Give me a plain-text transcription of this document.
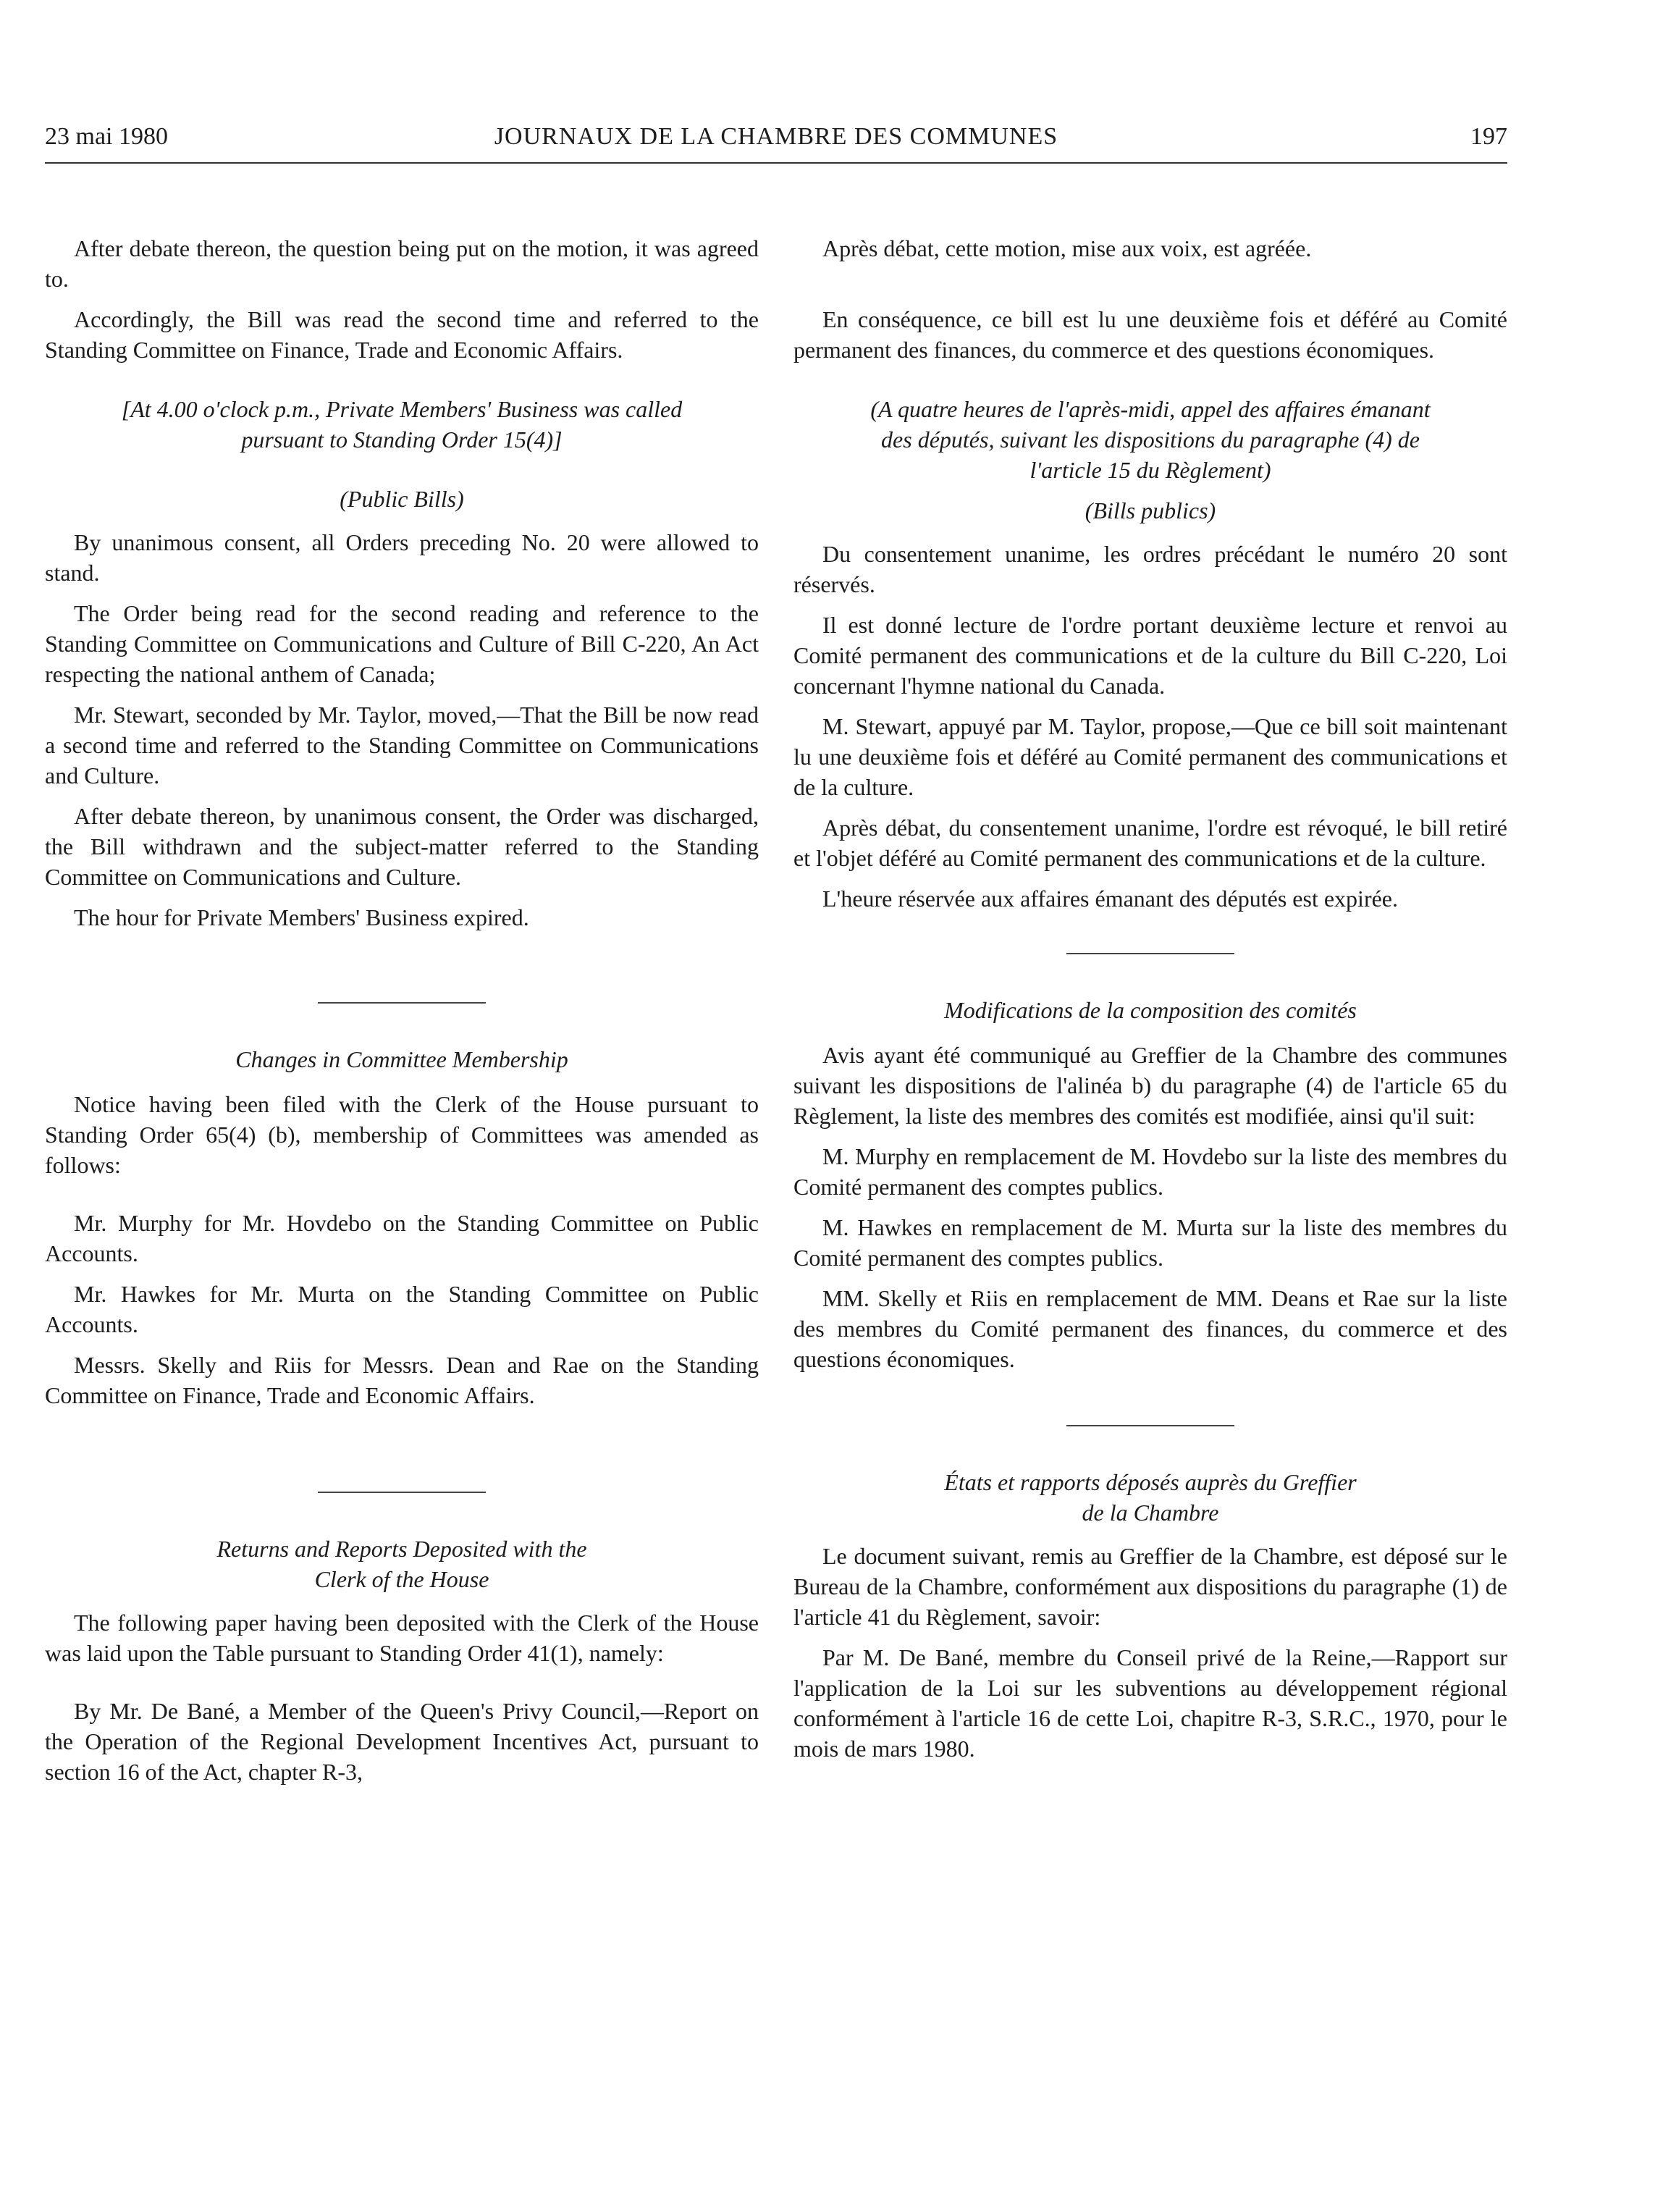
23 mai 1980	JOURNAUX DE LA CHAMBRE DES COMMUNES	197

After debate thereon, the question being put on the motion, it was agreed to.

Accordingly, the Bill was read the second time and referred to the Standing Committee on Finance, Trade and Economic Affairs.

[At 4.00 o'clock p.m., Private Members' Business was called

pursuant to Standing Order 15(4)]

(Public Bills)

By unanimous consent, all Orders preceding No. 20 were allowed to stand.

The Order being read for the second reading and reference to the Standing Committee on Communications and Culture of Bill C-220, An Act respecting the national anthem of Canada;

Mr. Stewart, seconded by Mr. Taylor, moved,—That the Bill be now read a second time and referred to the Standing Committee on Communications and Culture.

After debate thereon, by unanimous consent, the Order was discharged, the Bill withdrawn and the subject-matter referred to the Standing Committee on Communications and Culture.

The hour for Private Members' Business expired.

Changes in Committee Membership

Notice having been filed with the Clerk of the House pursuant to Standing Order 65(4) (b), membership of Committees was amended as follows:

Mr. Murphy for Mr. Hovdebo on the Standing Committee on Public Accounts.

Mr. Hawkes for Mr. Murta on the Standing Committee on Public Accounts.

Messrs. Skelly and Riis for Messrs. Dean and Rae on the Standing Committee on Finance, Trade and Economic Affairs.

Returns and Reports Deposited with the

Clerk of the House

The following paper having been deposited with the Clerk of the House was laid upon the Table pursuant to Standing Order 41(1), namely:

By Mr. De Bané, a Member of the Queen's Privy Council,—Report on the Operation of the Regional Development Incentives Act, pursuant to section 16 of the Act, chapter R-3,

Après débat, cette motion, mise aux voix, est agréée.

En conséquence, ce bill est lu une deuxième fois et déféré au Comité permanent des finances, du commerce et des questions économiques.

(A quatre heures de l'après-midi, appel des affaires émanant

des députés, suivant les dispositions du paragraphe (4) de

l'article 15 du Règlement)

(Bills publics)

Du consentement unanime, les ordres précédant le numéro 20 sont réservés.

Il est donné lecture de l'ordre portant deuxième lecture et renvoi au Comité permanent des communications et de la culture du Bill C-220, Loi concernant l'hymne national du Canada.

M. Stewart, appuyé par M. Taylor, propose,—Que ce bill soit maintenant lu une deuxième fois et déféré au Comité permanent des communications et de la culture.

Après débat, du consentement unanime, l'ordre est révoqué, le bill retiré et l'objet déféré au Comité permanent des communications et de la culture.

L'heure réservée aux affaires émanant des députés est expirée.

Modifications de la composition des comités

Avis ayant été communiqué au Greffier de la Chambre des communes suivant les dispositions de l'alinéa b) du paragraphe (4) de l'article 65 du Règlement, la liste des membres des comités est modifiée, ainsi qu'il suit:

M. Murphy en remplacement de M. Hovdebo sur la liste des membres du Comité permanent des comptes publics.

M. Hawkes en remplacement de M. Murta sur la liste des membres du Comité permanent des comptes publics.

MM. Skelly et Riis en remplacement de MM. Deans et Rae sur la liste des membres du Comité permanent des finances, du commerce et des questions économiques.

États et rapports déposés auprès du Greffier

de la Chambre

Le document suivant, remis au Greffier de la Chambre, est déposé sur le Bureau de la Chambre, conformément aux dispositions du paragraphe (1) de l'article 41 du Règlement, savoir:

Par M. De Bané, membre du Conseil privé de la Reine,—Rapport sur l'application de la Loi sur les subventions au développement régional conformément à l'article 16 de cette Loi, chapitre R-3, S.R.C., 1970, pour le mois de mars 1980.
